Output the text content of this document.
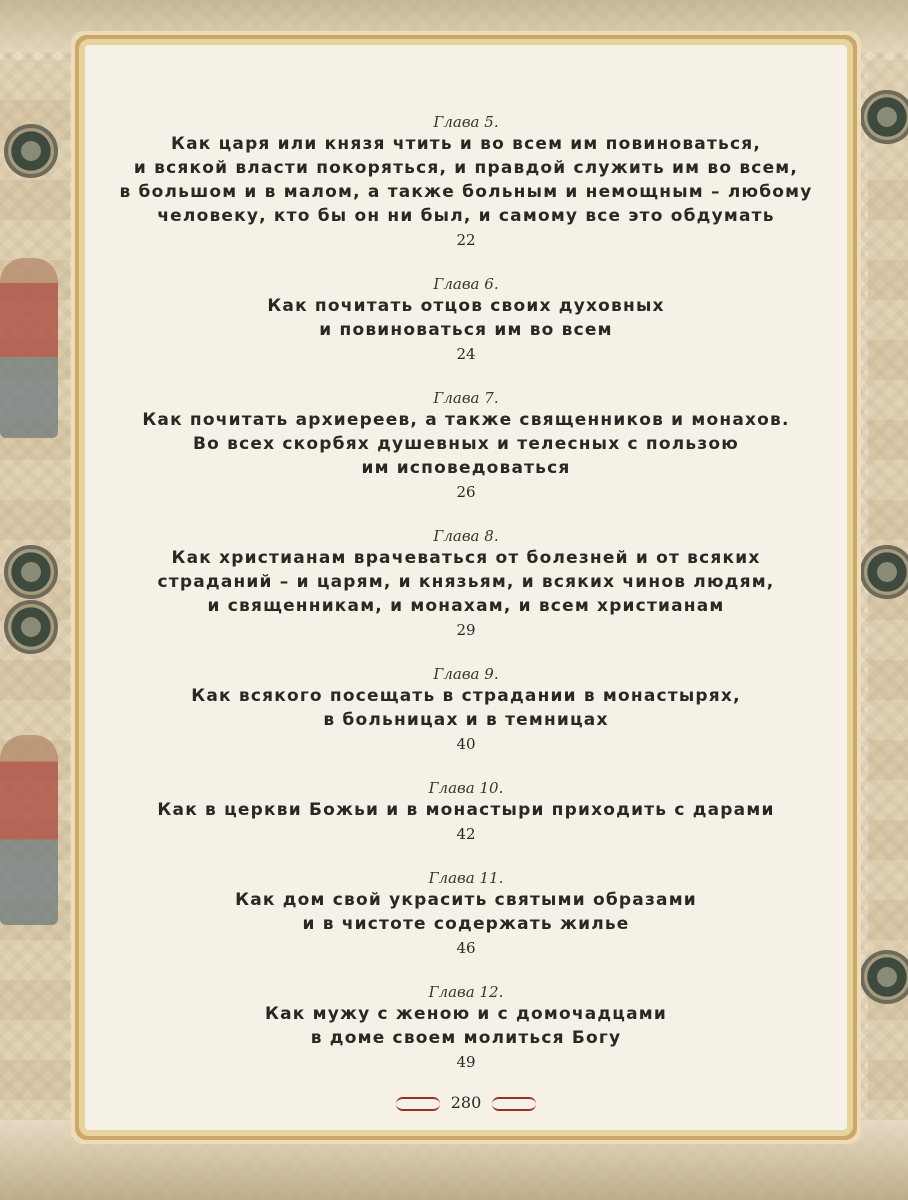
Глава 5.
Как царя или князя чтить и во всем им повиноваться,
и всякой власти покоряться, и правдой служить им во всем,
в большом и в малом, а также больным и немощным – любому
человеку, кто бы он ни был, и самому все это обдумать
22
Глава 6.
Как почитать отцов своих духовных
и повиноваться им во всем
24
Глава 7.
Как почитать архиереев, а также священников и монахов.
Во всех скорбях душевных и телесных с пользою
им исповедоваться
26
Глава 8.
Как христианам врачеваться от болезней и от всяких
страданий – и царям, и князьям, и всяких чинов людям,
и священникам, и монахам, и всем христианам
29
Глава 9.
Как всякого посещать в страдании в монастырях,
в больницах и в темницах
40
Глава 10.
Как в церкви Божьи и в монастыри приходить с дарами
42
Глава 11.
Как дом свой украсить святыми образами
и в чистоте содержать жилье
46
Глава 12.
Как мужу с женою и с домочадцами
в доме своем молиться Богу
49
280
